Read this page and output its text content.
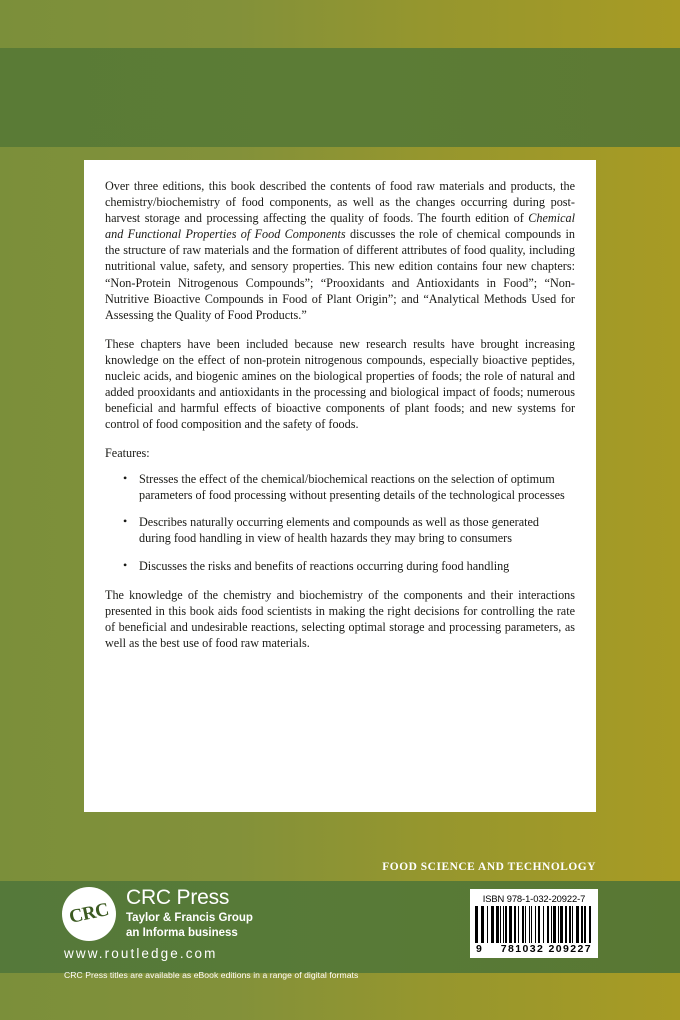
Over three editions, this book described the contents of food raw materials and products, the chemistry/biochemistry of food components, as well as the changes occurring during post-harvest storage and processing affecting the quality of foods. The fourth edition of Chemical and Functional Properties of Food Components discusses the role of chemical compounds in the structure of raw materials and the formation of different attributes of food quality, including nutritional value, safety, and sensory properties. This new edition contains four new chapters: “Non-Protein Nitrogenous Compounds”; “Prooxidants and Antioxidants in Food”; “Non-Nutritive Bioactive Compounds in Food of Plant Origin”; and “Analytical Methods Used for Assessing the Quality of Food Products.”

These chapters have been included because new research results have brought increasing knowledge on the effect of non-protein nitrogenous compounds, especially bioactive peptides, nucleic acids, and biogenic amines on the biological properties of foods; the role of natural and added prooxidants and antioxidants in the processing and biological impact of foods; numerous beneficial and harmful effects of bioactive components of plant foods; and new systems for control of food composition and the safety of foods.

Features:

• Stresses the effect of the chemical/biochemical reactions on the selection of optimum parameters of food processing without presenting details of the technological processes
• Describes naturally occurring elements and compounds as well as those generated during food handling in view of health hazards they may bring to consumers
• Discusses the risks and benefits of reactions occurring during food handling

The knowledge of the chemistry and biochemistry of the components and their interactions presented in this book aids food scientists in making the right decisions for controlling the rate of beneficial and undesirable reactions, selecting optimal storage and processing parameters, as well as the best use of food raw materials.

FOOD SCIENCE AND TECHNOLOGY
CRC
CRC Press
Taylor & Francis Group
an Informa business
www.routledge.com
CRC Press titles are available as eBook editions in a range of digital formats
ISBN 978-1-032-20922-7
9 781032 209227
